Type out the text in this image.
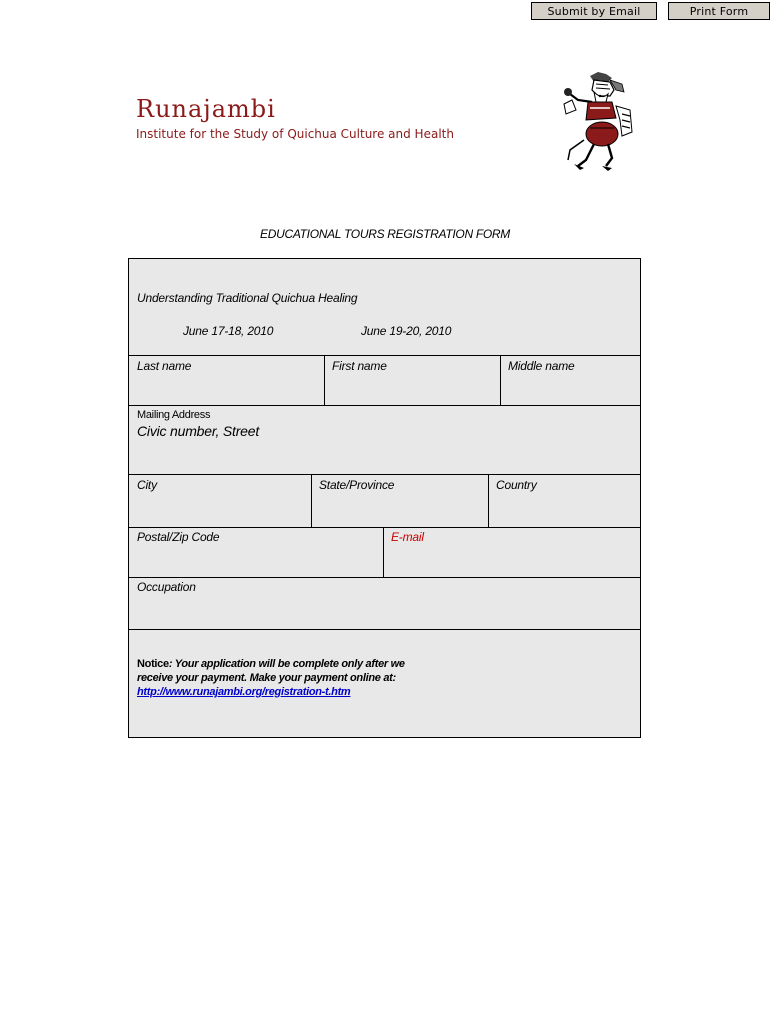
Submit by Email	Print Form
Runajambi
Institute for the Study of Quichua Culture and Health
EDUCATIONAL TOURS REGISTRATION FORM
Understanding Traditional Quichua Healing
June 17-18, 2010	June 19-20, 2010
Last name	First name	Middle name
Mailing Address
Civic number, Street
City	State/Province	Country
Postal/Zip Code	E-mail
Occupation
Notice: Your application will be complete only after we receive your payment. Make your payment online at:
http://www.runajambi.org/registration-t.htm
